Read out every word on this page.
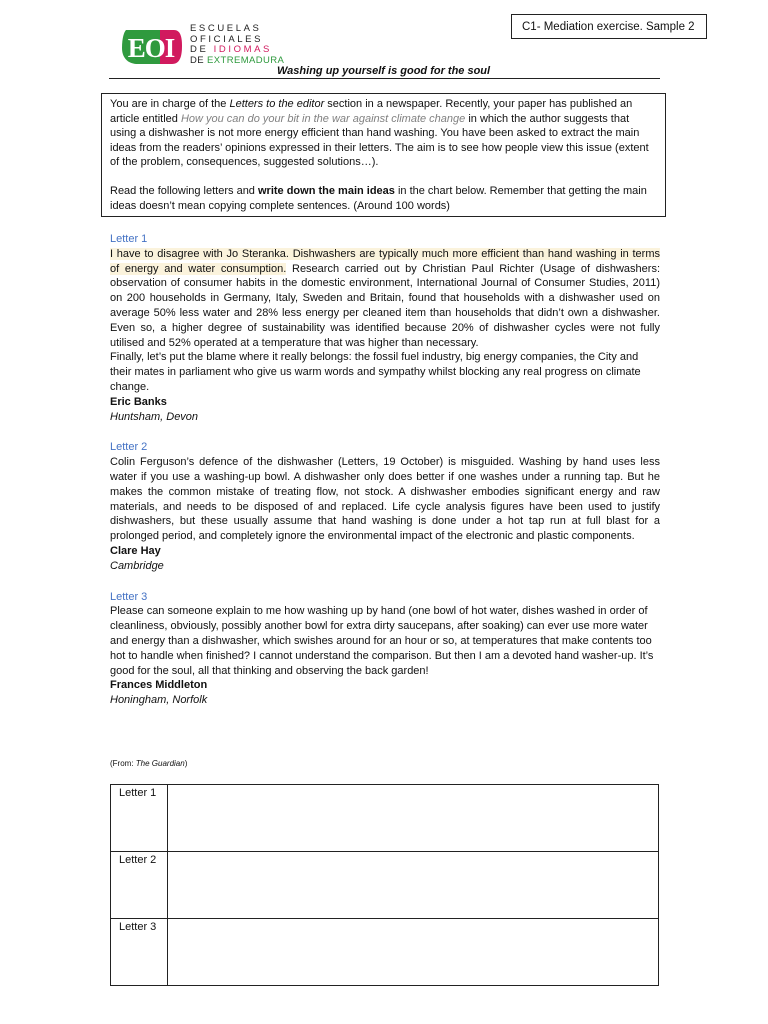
EOI
ESCUELAS
OFICIALES
DE IDIOMAS
DE EXTREMADURA
C1- Mediation exercise. Sample 2
Washing up yourself is good for the soul

You are in charge of the Letters to the editor section in a newspaper. Recently, your paper has published an article entitled How you can do your bit in the war against climate change in which the author suggests that using a dishwasher is not more energy efficient than hand washing. You have been asked to extract the main ideas from the readers’ opinions expressed in their letters. The aim is to see how people view this issue (extent of the problem, consequences, suggested solutions…).

Read the following letters and write down the main ideas in the chart below. Remember that getting the main ideas doesn’t mean copying complete sentences. (Around 100 words)

Letter 1

I have to disagree with Jo Steranka. Dishwashers are typically much more efficient than hand washing in terms of energy and water consumption. Research carried out by Christian Paul Richter (Usage of dishwashers: observation of consumer habits in the domestic environment, International Journal of Consumer Studies, 2011) on 200 households in Germany, Italy, Sweden and Britain, found that households with a dishwasher used on average 50% less water and 28% less energy per cleaned item than households that didn’t own a dishwasher. Even so, a higher degree of sustainability was identified because 20% of dishwasher cycles were not fully utilised and 52% operated at a temperature that was higher than necessary.

Finally, let’s put the blame where it really belongs: the fossil fuel industry, big energy companies, the City and their mates in parliament who give us warm words and sympathy whilst blocking any real progress on climate change.

Eric Banks

Huntsham, Devon

Letter 2

Colin Ferguson’s defence of the dishwasher (Letters, 19 October) is misguided. Washing by hand uses less water if you use a washing-up bowl. A dishwasher only does better if one washes under a running tap. But he makes the common mistake of treating flow, not stock. A dishwasher embodies significant energy and raw materials, and needs to be disposed of and replaced. Life cycle analysis figures have been used to justify dishwashers, but these usually assume that hand washing is done under a hot tap run at full blast for a prolonged period, and completely ignore the environmental impact of the electronic and plastic components.

Clare Hay

Cambridge

Letter 3

Please can someone explain to me how washing up by hand (one bowl of hot water, dishes washed in order of cleanliness, obviously, possibly another bowl for extra dirty saucepans, after soaking) can ever use more water and energy than a dishwasher, which swishes around for an hour or so, at temperatures that make contents too hot to handle when finished? I cannot understand the comparison. But then I am a devoted hand washer-up. It’s good for the soul, all that thinking and observing the back garden!

Frances Middleton

Honingham, Norfolk

(From: The Guardian)
Letter 1	
Letter 2	
Letter 3	
